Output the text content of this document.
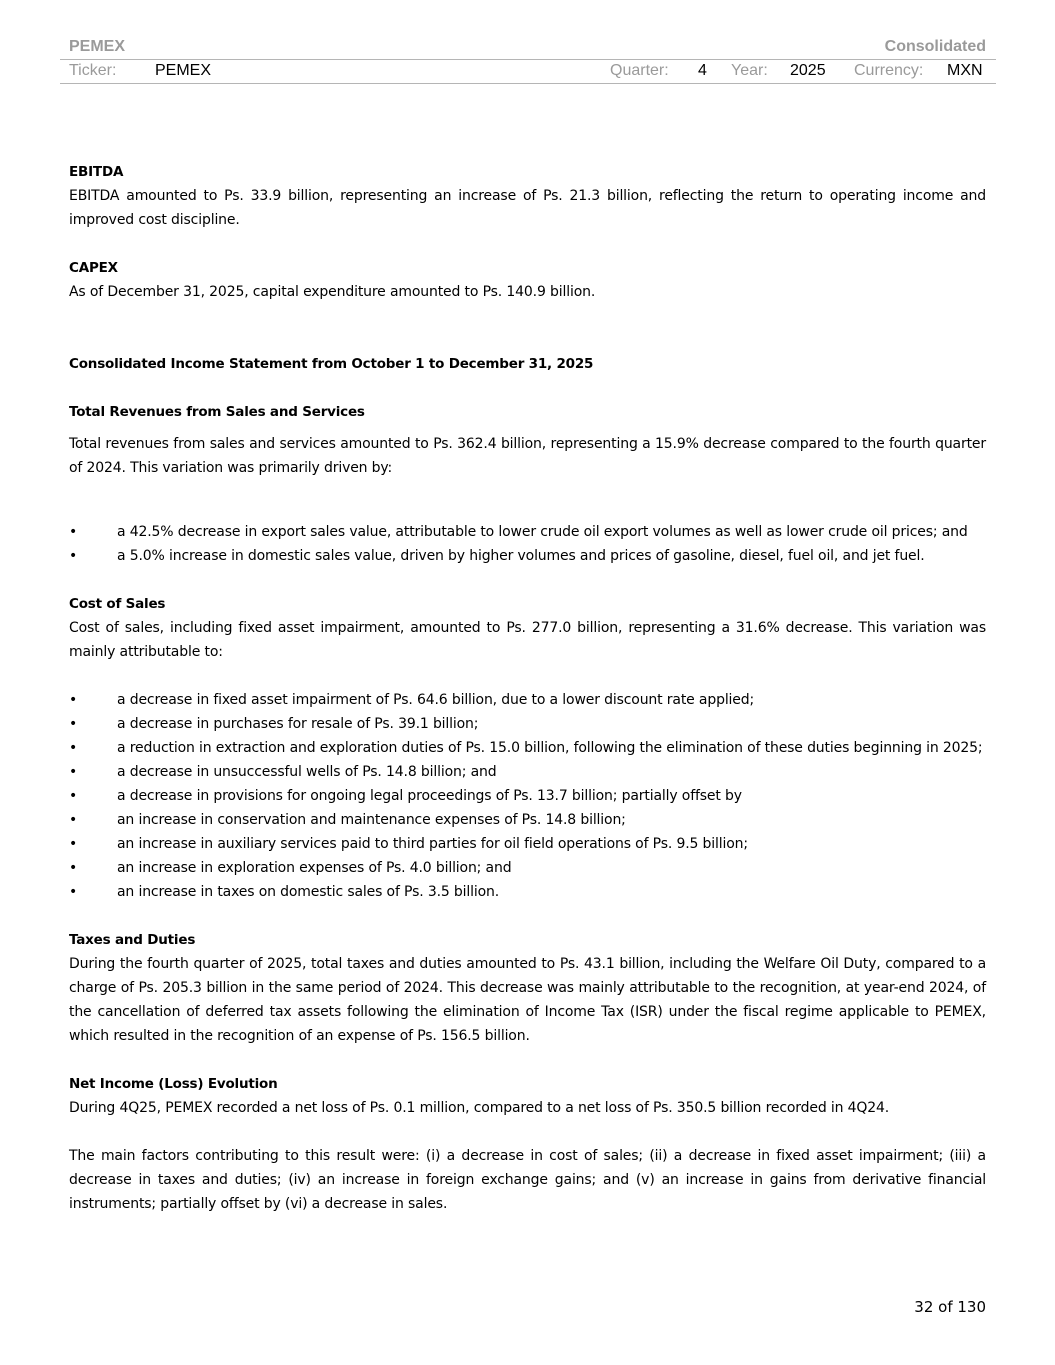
PEMEX	Consolidated
Ticker: PEMEX	Quarter: 4 Year: 2025 Currency: MXN
EBITDA

EBITDA amounted to Ps. 33.9 billion, representing an increase of Ps. 21.3 billion, reflecting the return to operating income and improved cost discipline.

CAPEX

As of December 31, 2025, capital expenditure amounted to Ps. 140.9 billion.

Consolidated Income Statement from October 1 to December 31, 2025
Total Revenues from Sales and Services

Total revenues from sales and services amounted to Ps. 362.4 billion, representing a 15.9% decrease compared to the fourth quarter of 2024. This variation was primarily driven by:

•	a 42.5% decrease in export sales value, attributable to lower crude oil export volumes as well as lower crude oil prices; and
•	a 5.0% increase in domestic sales value, driven by higher volumes and prices of gasoline, diesel, fuel oil, and jet fuel.
Cost of Sales

Cost of sales, including fixed asset impairment, amounted to Ps. 277.0 billion, representing a 31.6% decrease. This variation was mainly attributable to:

•	a decrease in fixed asset impairment of Ps. 64.6 billion, due to a lower discount rate applied;
•	a decrease in purchases for resale of Ps. 39.1 billion;
•	a reduction in extraction and exploration duties of Ps. 15.0 billion, following the elimination of these duties beginning in 2025;
•	a decrease in unsuccessful wells of Ps. 14.8 billion; and
•	a decrease in provisions for ongoing legal proceedings of Ps. 13.7 billion; partially offset by
•	an increase in conservation and maintenance expenses of Ps. 14.8 billion;
•	an increase in auxiliary services paid to third parties for oil field operations of Ps. 9.5 billion;
•	an increase in exploration expenses of Ps. 4.0 billion; and
•	an increase in taxes on domestic sales of Ps. 3.5 billion.
Taxes and Duties

During the fourth quarter of 2025, total taxes and duties amounted to Ps. 43.1 billion, including the Welfare Oil Duty, compared to a charge of Ps. 205.3 billion in the same period of 2024. This decrease was mainly attributable to the recognition, at year-end 2024, of the cancellation of deferred tax assets following the elimination of Income Tax (ISR) under the fiscal regime applicable to PEMEX, which resulted in the recognition of an expense of Ps. 156.5 billion.

Net Income (Loss) Evolution

During 4Q25, PEMEX recorded a net loss of Ps. 0.1 million, compared to a net loss of Ps. 350.5 billion recorded in 4Q24.

The main factors contributing to this result were: (i) a decrease in cost of sales; (ii) a decrease in fixed asset impairment; (iii) a decrease in taxes and duties; (iv) an increase in foreign exchange gains; and (v) an increase in gains from derivative financial instruments; partially offset by (vi) a decrease in sales.

32 of 130
